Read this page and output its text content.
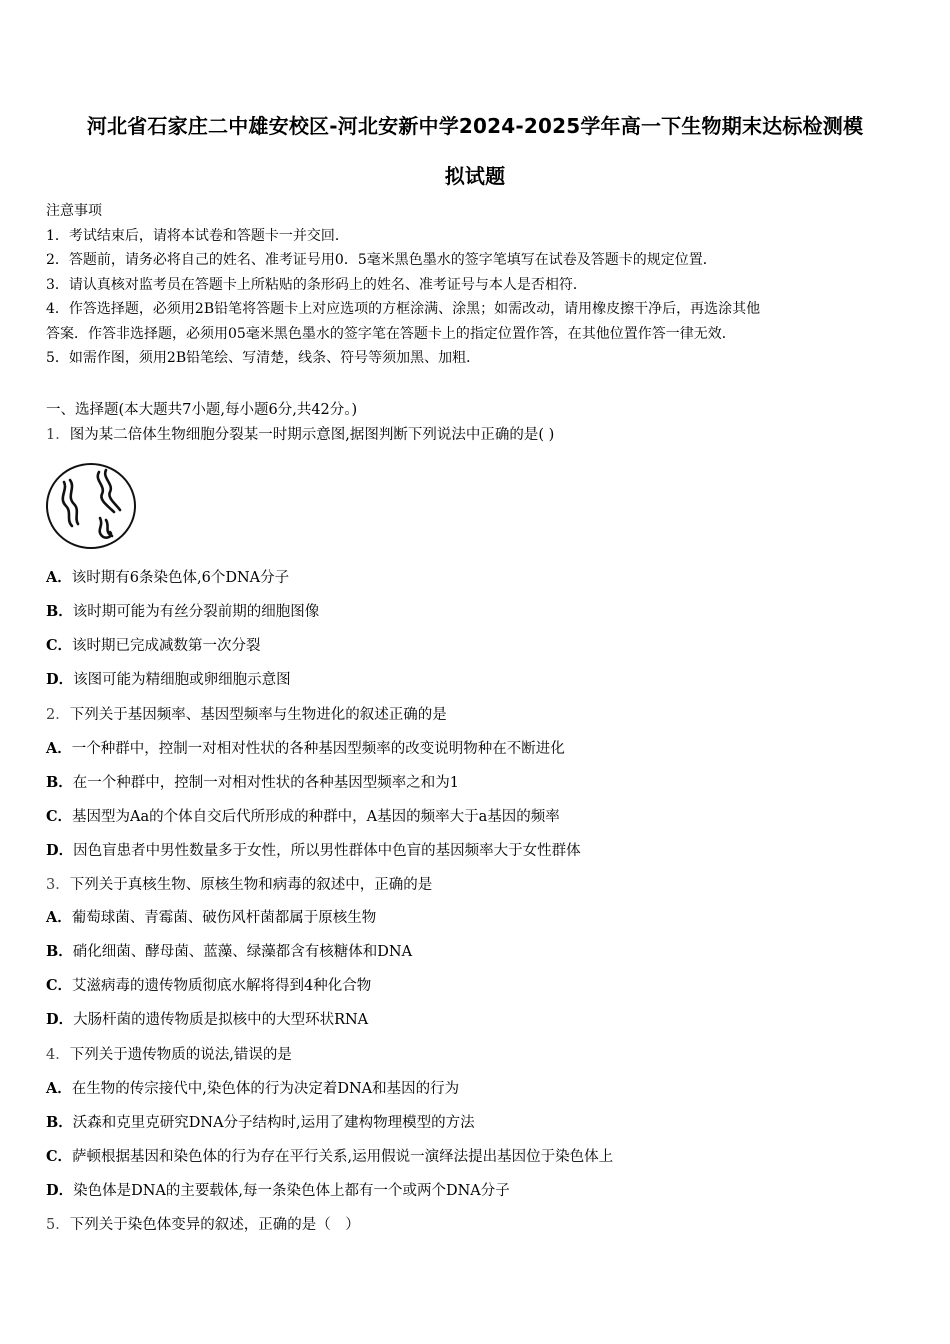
河北省石家庄二中雄安校区-河北安新中学2024-2025学年高一下生物期末达标检测模
拟试题

注意事项

1．考试结束后，请将本试卷和答题卡一并交回．

2．答题前，请务必将自己的姓名、准考证号用0．5毫米黑色墨水的签字笔填写在试卷及答题卡的规定位置．

3．请认真核对监考员在答题卡上所粘贴的条形码上的姓名、准考证号与本人是否相符．

4．作答选择题，必须用2B铅笔将答题卡上对应选项的方框涂满、涂黑；如需改动，请用橡皮擦干净后，再选涂其他

答案．作答非选择题，必须用05毫米黑色墨水的签字笔在答题卡上的指定位置作答，在其他位置作答一律无效．

5．如需作图，须用2B铅笔绘、写清楚，线条、符号等须加黑、加粗．

一、选择题(本大题共7小题,每小题6分,共42分。)
1．图为某二倍体生物细胞分裂某一时期示意图,据图判断下列说法中正确的是( )
A．该时期有6条染色体,6个DNA分子
B．该时期可能为有丝分裂前期的细胞图像
C．该时期已完成减数第一次分裂
D．该图可能为精细胞或卵细胞示意图
2．下列关于基因频率、基因型频率与生物进化的叙述正确的是
A．一个种群中，控制一对相对性状的各种基因型频率的改变说明物种在不断进化
B．在一个种群中，控制一对相对性状的各种基因型频率之和为1
C．基因型为Aa的个体自交后代所形成的种群中，A基因的频率大于a基因的频率
D．因色盲患者中男性数量多于女性，所以男性群体中色盲的基因频率大于女性群体
3．下列关于真核生物、原核生物和病毒的叙述中，正确的是
A．葡萄球菌、青霉菌、破伤风杆菌都属于原核生物
B．硝化细菌、酵母菌、蓝藻、绿藻都含有核糖体和DNA
C．艾滋病毒的遗传物质彻底水解将得到4种化合物
D．大肠杆菌的遗传物质是拟核中的大型环状RNA
4．下列关于遗传物质的说法,错误的是
A．在生物的传宗接代中,染色体的行为决定着DNA和基因的行为
B．沃森和克里克研究DNA分子结构时,运用了建构物理模型的方法
C．萨顿根据基因和染色体的行为存在平行关系,运用假说一演绎法提出基因位于染色体上
D．染色体是DNA的主要载体,每一条染色体上都有一个或两个DNA分子
5．下列关于染色体变异的叙述，正确的是（　）
